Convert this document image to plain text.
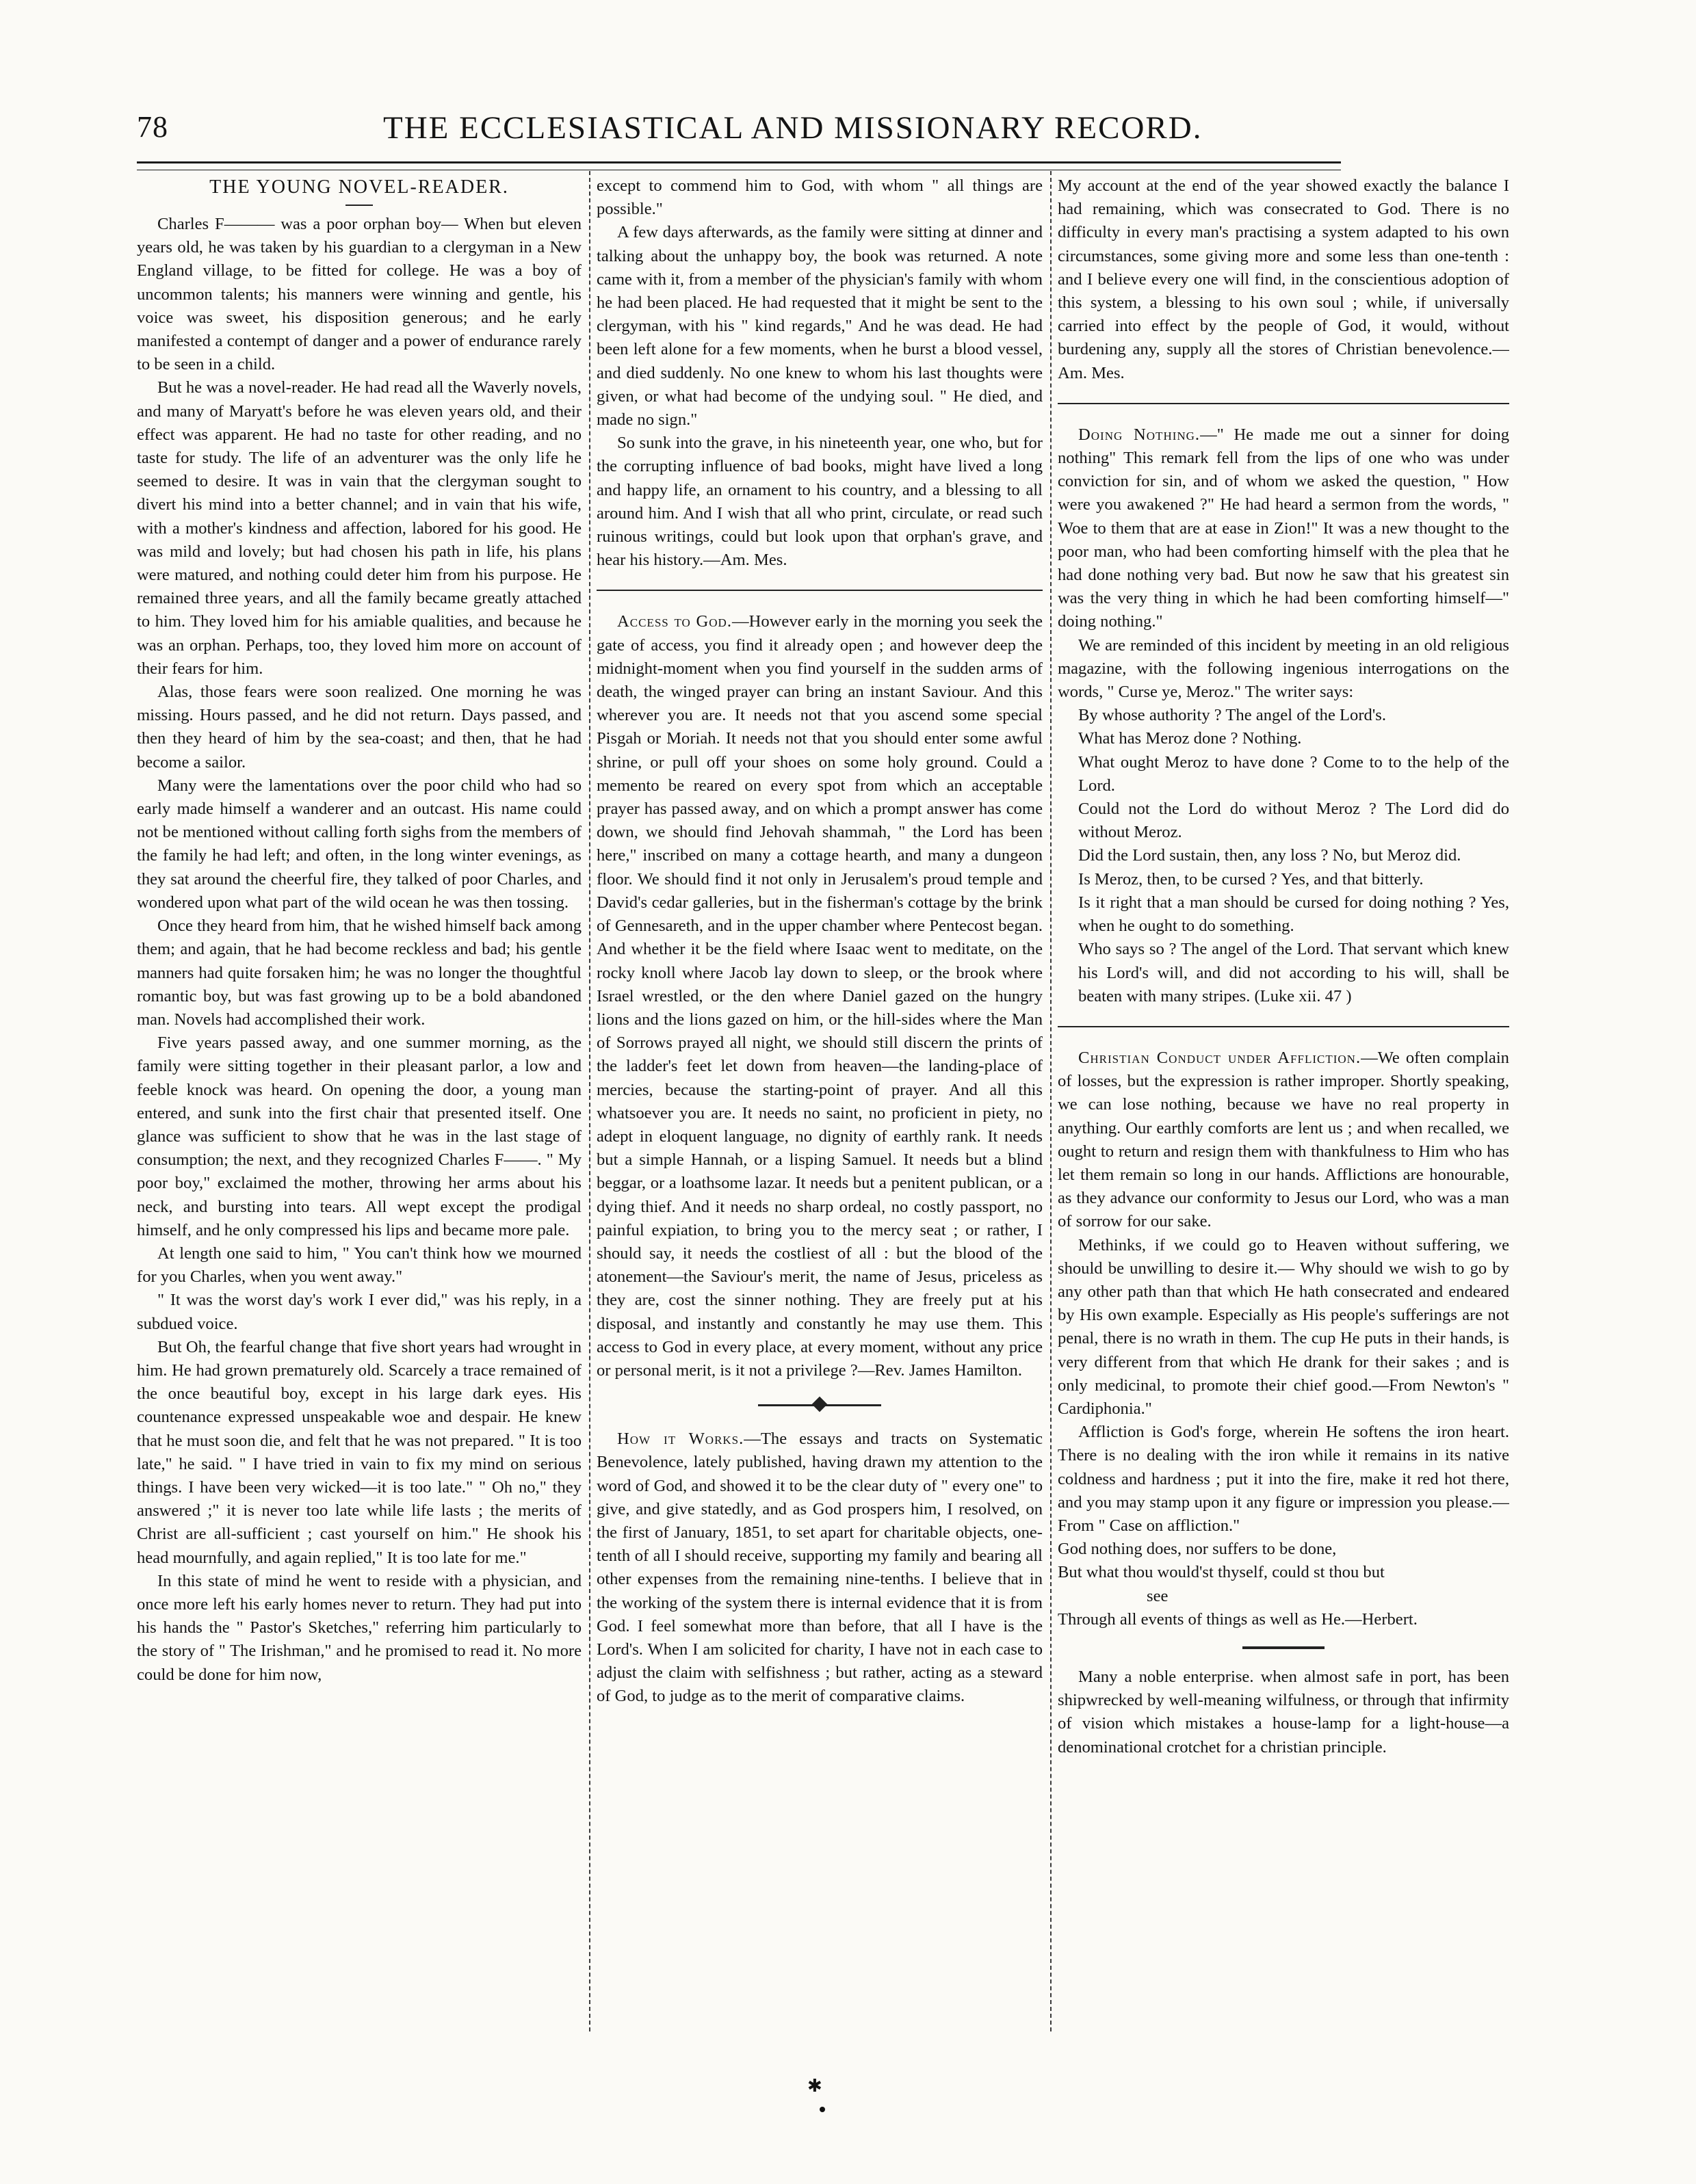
78	THE ECCLESIASTICAL AND MISSIONARY RECORD.
THE YOUNG NOVEL-READER.

Charles F——— was a poor orphan boy— When but eleven years old, he was taken by his guardian to a clergyman in a New England village, to be fitted for college. He was a boy of uncommon talents; his manners were winning and gentle, his voice was sweet, his disposition generous; and he early manifested a contempt of danger and a power of endurance rarely to be seen in a child.

But he was a novel-reader. He had read all the Waverly novels, and many of Maryatt's before he was eleven years old, and their effect was apparent. He had no taste for other reading, and no taste for study. The life of an adventurer was the only life he seemed to desire. It was in vain that the clergyman sought to divert his mind into a better channel; and in vain that his wife, with a mother's kindness and affection, labored for his good. He was mild and lovely; but had chosen his path in life, his plans were matured, and nothing could deter him from his purpose. He remained three years, and all the family became greatly attached to him. They loved him for his amiable qualities, and because he was an orphan. Perhaps, too, they loved him more on account of their fears for him.

Alas, those fears were soon realized. One morning he was missing. Hours passed, and he did not return. Days passed, and then they heard of him by the sea-coast; and then, that he had become a sailor.

Many were the lamentations over the poor child who had so early made himself a wanderer and an outcast. His name could not be mentioned without calling forth sighs from the members of the family he had left; and often, in the long winter evenings, as they sat around the cheerful fire, they talked of poor Charles, and wondered upon what part of the wild ocean he was then tossing.

Once they heard from him, that he wished himself back among them; and again, that he had become reckless and bad; his gentle manners had quite forsaken him; he was no longer the thoughtful romantic boy, but was fast growing up to be a bold abandoned man. Novels had accomplished their work.

Five years passed away, and one summer morning, as the family were sitting together in their pleasant parlor, a low and feeble knock was heard. On opening the door, a young man entered, and sunk into the first chair that presented itself. One glance was sufficient to show that he was in the last stage of consumption; the next, and they recognized Charles F——. " My poor boy," exclaimed the mother, throwing her arms about his neck, and bursting into tears. All wept except the prodigal himself, and he only compressed his lips and became more pale.

At length one said to him, " You can't think how we mourned for you Charles, when you went away."

" It was the worst day's work I ever did," was his reply, in a subdued voice.

But Oh, the fearful change that five short years had wrought in him. He had grown prematurely old. Scarcely a trace remained of the once beautiful boy, except in his large dark eyes. His countenance expressed unspeakable woe and despair. He knew that he must soon die, and felt that he was not prepared. " It is too late," he said. " I have tried in vain to fix my mind on serious things. I have been very wicked—it is too late." " Oh no," they answered ;" it is never too late while life lasts ; the merits of Christ are all-sufficient ; cast yourself on him." He shook his head mournfully, and again replied," It is too late for me."

In this state of mind he went to reside with a physician, and once more left his early homes never to return. They had put into his hands the " Pastor's Sketches," referring him particularly to the story of " The Irishman," and he promised to read it. No more could be done for him now,

except to commend him to God, with whom " all things are possible."

A few days afterwards, as the family were sitting at dinner and talking about the unhappy boy, the book was returned. A note came with it, from a member of the physician's family with whom he had been placed. He had requested that it might be sent to the clergyman, with his " kind regards," And he was dead. He had been left alone for a few moments, when he burst a blood vessel, and died suddenly. No one knew to whom his last thoughts were given, or what had become of the undying soul. " He died, and made no sign."

So sunk into the grave, in his nineteenth year, one who, but for the corrupting influence of bad books, might have lived a long and happy life, an ornament to his country, and a blessing to all around him. And I wish that all who print, circulate, or read such ruinous writings, could but look upon that orphan's grave, and hear his history.—Am. Mes.

Access to God.—However early in the morning you seek the gate of access, you find it already open ; and however deep the midnight-moment when you find yourself in the sudden arms of death, the winged prayer can bring an instant Saviour. And this wherever you are. It needs not that you ascend some special Pisgah or Moriah. It needs not that you should enter some awful shrine, or pull off your shoes on some holy ground. Could a memento be reared on every spot from which an acceptable prayer has passed away, and on which a prompt answer has come down, we should find Jehovah shammah, " the Lord has been here," inscribed on many a cottage hearth, and many a dungeon floor. We should find it not only in Jerusalem's proud temple and David's cedar galleries, but in the fisherman's cottage by the brink of Gennesareth, and in the upper chamber where Pentecost began. And whether it be the field where Isaac went to meditate, on the rocky knoll where Jacob lay down to sleep, or the brook where Israel wrestled, or the den where Daniel gazed on the hungry lions and the lions gazed on him, or the hill-sides where the Man of Sorrows prayed all night, we should still discern the prints of the ladder's feet let down from heaven—the landing-place of mercies, because the starting-point of prayer. And all this whatsoever you are. It needs no saint, no proficient in piety, no adept in eloquent language, no dignity of earthly rank. It needs but a simple Hannah, or a lisping Samuel. It needs but a blind beggar, or a loathsome lazar. It needs but a penitent publican, or a dying thief. And it needs no sharp ordeal, no costly passport, no painful expiation, to bring you to the mercy seat ; or rather, I should say, it needs the costliest of all : but the blood of the atonement—the Saviour's merit, the name of Jesus, priceless as they are, cost the sinner nothing. They are freely put at his disposal, and instantly and constantly he may use them. This access to God in every place, at every moment, without any price or personal merit, is it not a privilege ?—Rev. James Hamilton.

How it Works.—The essays and tracts on Systematic Benevolence, lately published, having drawn my attention to the word of God, and showed it to be the clear duty of " every one" to give, and give statedly, and as God prospers him, I resolved, on the first of January, 1851, to set apart for charitable objects, one-tenth of all I should receive, supporting my family and bearing all other expenses from the remaining nine-tenths. I believe that in the working of the system there is internal evidence that it is from God. I feel somewhat more than before, that all I have is the Lord's. When I am solicited for charity, I have not in each case to adjust the claim with selfishness ; but rather, acting as a steward of God, to judge as to the merit of comparative claims.

My account at the end of the year showed exactly the balance I had remaining, which was consecrated to God. There is no difficulty in every man's practising a system adapted to his own circumstances, some giving more and some less than one-tenth : and I believe every one will find, in the conscientious adoption of this system, a blessing to his own soul ; while, if universally carried into effect by the people of God, it would, without burdening any, supply all the stores of Christian benevolence.—Am. Mes.

Doing Nothing.—" He made me out a sinner for doing nothing" This remark fell from the lips of one who was under conviction for sin, and of whom we asked the question, " How were you awakened ?" He had heard a sermon from the words, " Woe to them that are at ease in Zion!" It was a new thought to the poor man, who had been comforting himself with the plea that he had done nothing very bad. But now he saw that his greatest sin was the very thing in which he had been comforting himself—" doing nothing."

We are reminded of this incident by meeting in an old religious magazine, with the following ingenious interrogations on the words, " Curse ye, Meroz." The writer says:

By whose authority ? The angel of the Lord's.

What has Meroz done ? Nothing.

What ought Meroz to have done ? Come to to the help of the Lord.

Could not the Lord do without Meroz ? The Lord did do without Meroz.

Did the Lord sustain, then, any loss ? No, but Meroz did.

Is Meroz, then, to be cursed ? Yes, and that bitterly.

Is it right that a man should be cursed for doing nothing ? Yes, when he ought to do something.

Who says so ? The angel of the Lord. That servant which knew his Lord's will, and did not according to his will, shall be beaten with many stripes. (Luke xii. 47 )

Christian Conduct under Affliction.—We often complain of losses, but the expression is rather improper. Shortly speaking, we can lose nothing, because we have no real property in anything. Our earthly comforts are lent us ; and when recalled, we ought to return and resign them with thankfulness to Him who has let them remain so long in our hands. Afflictions are honourable, as they advance our conformity to Jesus our Lord, who was a man of sorrow for our sake.

Methinks, if we could go to Heaven without suffering, we should be unwilling to desire it.— Why should we wish to go by any other path than that which He hath consecrated and endeared by His own example. Especially as His people's sufferings are not penal, there is no wrath in them. The cup He puts in their hands, is very different from that which He drank for their sakes ; and is only medicinal, to promote their chief good.—From Newton's " Cardiphonia."

Affliction is God's forge, wherein He softens the iron heart. There is no dealing with the iron while it remains in its native coldness and hardness ; put it into the fire, make it red hot there, and you may stamp upon it any figure or impression you please.—From " Case on affliction."

God nothing does, nor suffers to be done,

But what thou would'st thyself, could st thou but

see

Through all events of things as well as He.—Herbert.

Many a noble enterprise. when almost safe in port, has been shipwrecked by well-meaning wilfulness, or through that infirmity of vision which mistakes a house-lamp for a light-house—a denominational crotchet for a christian principle.

✱
